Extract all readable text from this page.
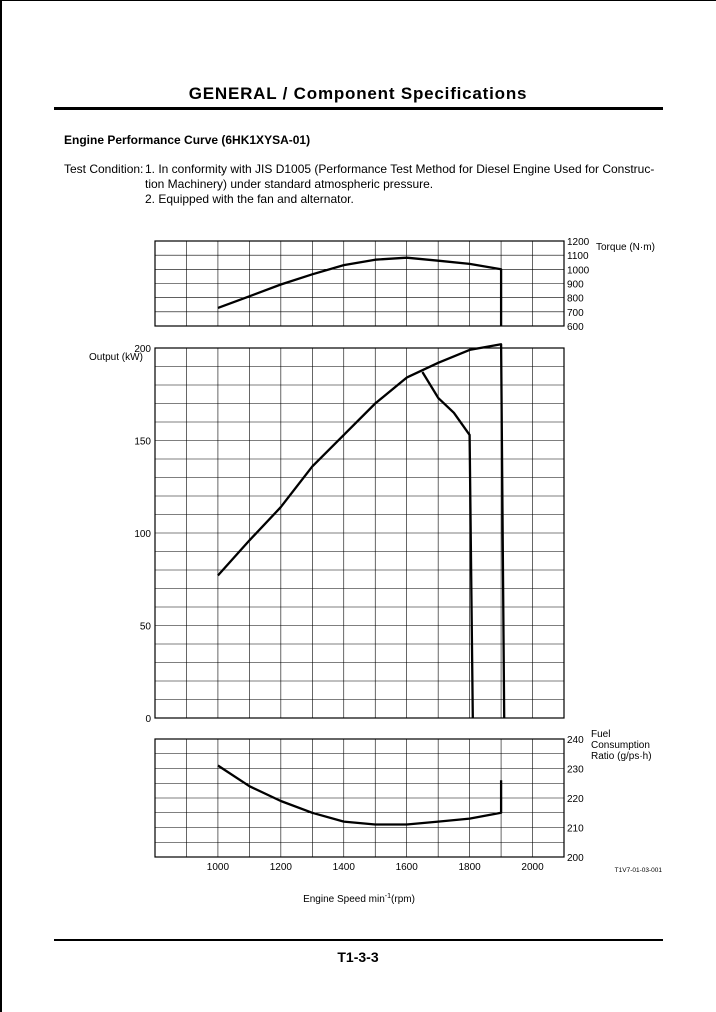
GENERAL / Component Specifications
Engine Performance Curve (6HK1XYSA-01)
Test Condition: 1. In conformity with JIS D1005 (Performance Test Method for Diesel Engine Used for Construc- tion Machinery) under standard atmospheric pressure.
2. Equipped with the fan and alternator.
600
700
800
900
1000
1100
1200
0
50
100
150
200
200
210
220
230
240
Torque (N·m)
Output (kW)
Fuel Consumption Ratio (g/ps·h)
1000	1200	1400	1600	1800	2000
Engine Speed $\min^{-1}(rpm)$
T1V7-01-03-001
T1-3-3
